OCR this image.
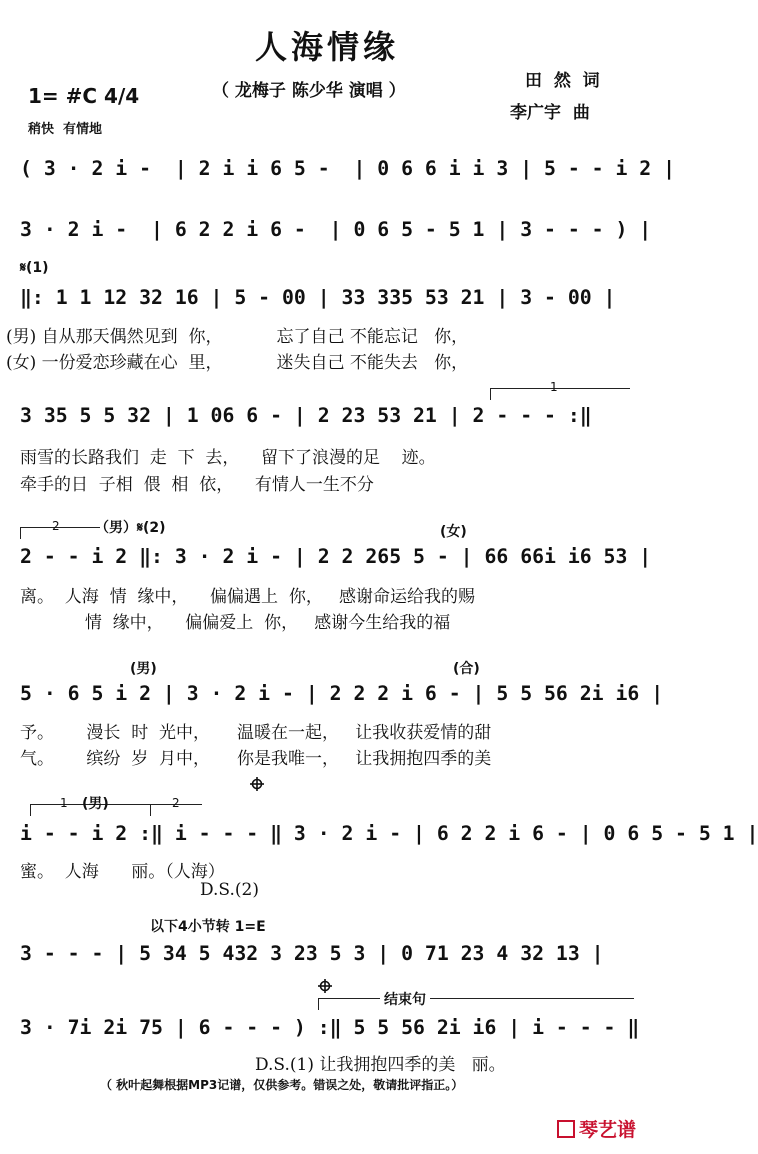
人海情缘
（ 龙梅子 陈少华 演唱 ）	田  然  词
李广宇  曲
1= #C 4/4
稍快  有情地
( 3 · 2 i -  | 2 i i 6 5 -  | 0 6 6 i i 3 | 5 - - i 2 |
3 · 2 i -  | 6 2 2 i 6 -  | 0 6 5 - 5 1 | 3 - - - ) |
𝄋(1)
‖: 1 1 12 32 16 | 5 - 00 | 33 335 53 21 | 3 - 00 |
(男) 自从那天偶然见到  你，          忘了自己 不能忘记   你，
(女) 一份爱恋珍藏在心  里，          迷失自己 不能失去   你，
1
3 35 5 5 32 | 1 06 6 - | 2 23 53 21 | 2 - - - :‖
雨雪的长路我们  走  下  去，    留下了浪漫的足    迹。
牵手的日  子相  偎  相  依，    有情人一生不分
2	（男）𝄋(2)	(女)
2 - - i 2 ‖: 3 · 2 i - | 2 2 265 5 - | 66 66i i6 53 |
离。  人海  情  缘中，    偏偏遇上  你，   感谢命运给我的赐
情  缘中，    偏偏爱上  你，   感谢今生给我的福
(男)	(合)
5 · 6 5 i 2 | 3 · 2 i - | 2 2 2 i 6 - | 5 5 56 2i i6 |
予。      漫长  时  光中，     温暖在一起，   让我收获爱情的甜
气。      缤纷  岁  月中，     你是我唯一，   让我拥抱四季的美
1 (男)	2
i - - i 2 :‖ i - - - ‖ 3 · 2 i - | 6 2 2 i 6 - | 0 6 5 - 5 1 |
蜜。  人海      丽。（人海）
D.S.(2)
以下4小节转 1=E
3 - - - | 5 34 5 432 3 23 5 3 | 0 71 23 4 32 13 |
结束句
3 · 7i 2i 75 | 6 - - - ) :‖ 5 5 56 2i i6 | i - - - ‖
D.S.(1) 让我拥抱四季的美   丽。
（ 秋叶起舞根据MP3记谱，仅供参考。错误之处，敬请批评指正。）
琴艺谱
